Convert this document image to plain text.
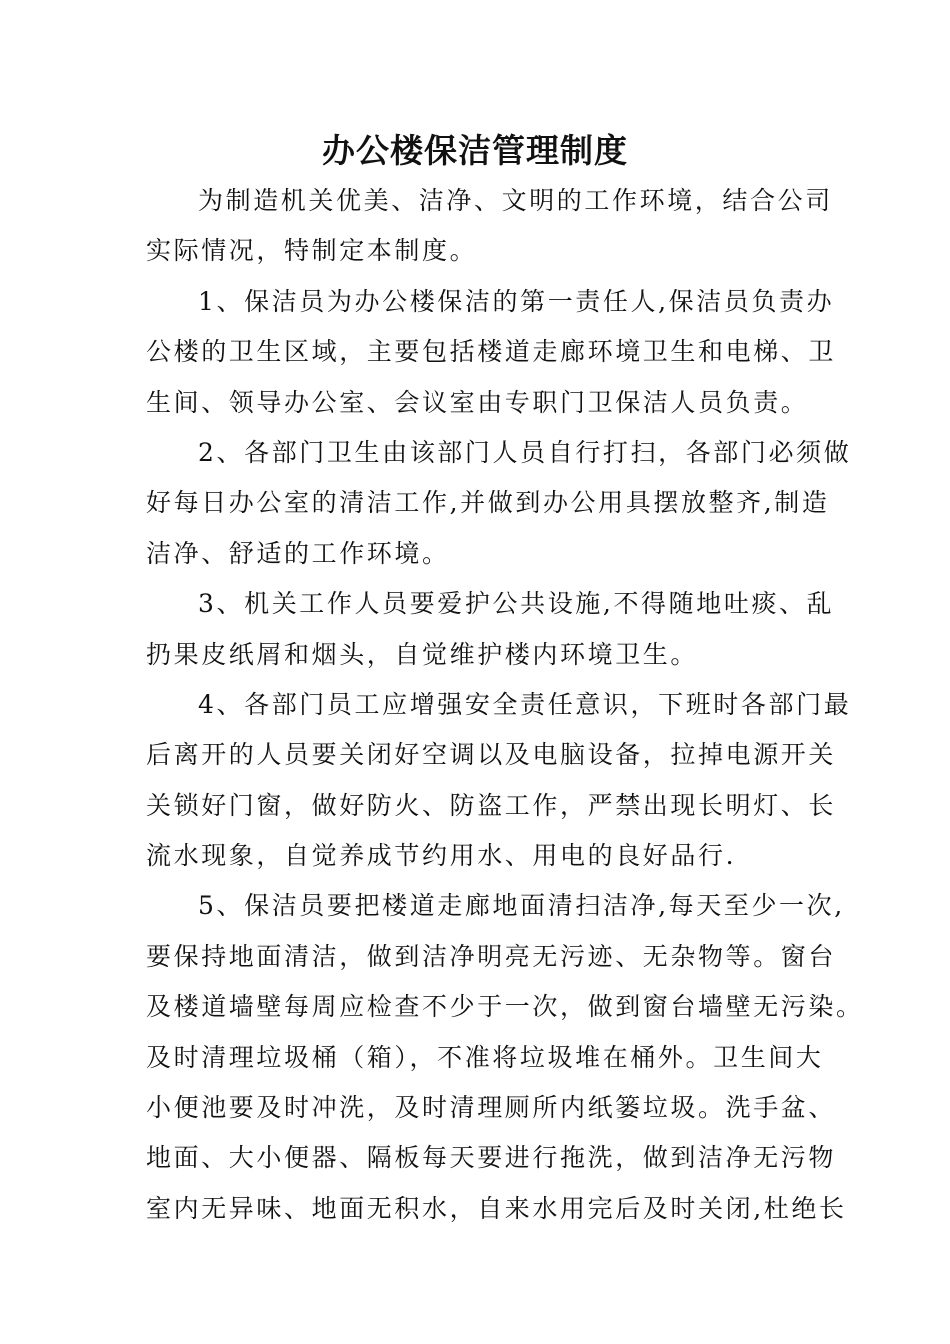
办公楼保洁管理制度
为制造机关优美、洁净、文明的工作环境，结合公司
实际情况，特制定本制度。
1、保洁员为办公楼保洁的第一责任人,保洁员负责办
公楼的卫生区域，主要包括楼道走廊环境卫生和电梯、卫
生间、领导办公室、会议室由专职门卫保洁人员负责。
2、各部门卫生由该部门人员自行打扫，各部门必须做
好每日办公室的清洁工作,并做到办公用具摆放整齐,制造
洁净、舒适的工作环境。
3、机关工作人员要爱护公共设施,不得随地吐痰、乱
扔果皮纸屑和烟头，自觉维护楼内环境卫生。
4、各部门员工应增强安全责任意识，下班时各部门最
后离开的人员要关闭好空调以及电脑设备，拉掉电源开关
关锁好门窗，做好防火、防盗工作，严禁出现长明灯、长
流水现象，自觉养成节约用水、用电的良好品行.
5、保洁员要把楼道走廊地面清扫洁净,每天至少一次,
要保持地面清洁，做到洁净明亮无污迹、无杂物等。窗台
及楼道墙壁每周应检查不少于一次，做到窗台墙壁无污染。
及时清理垃圾桶（箱），不准将垃圾堆在桶外。卫生间大
小便池要及时冲洗，及时清理厕所内纸篓垃圾。洗手盆、
地面、大小便器、隔板每天要进行拖洗，做到洁净无污物
室内无异味、地面无积水，自来水用完后及时关闭,杜绝长
